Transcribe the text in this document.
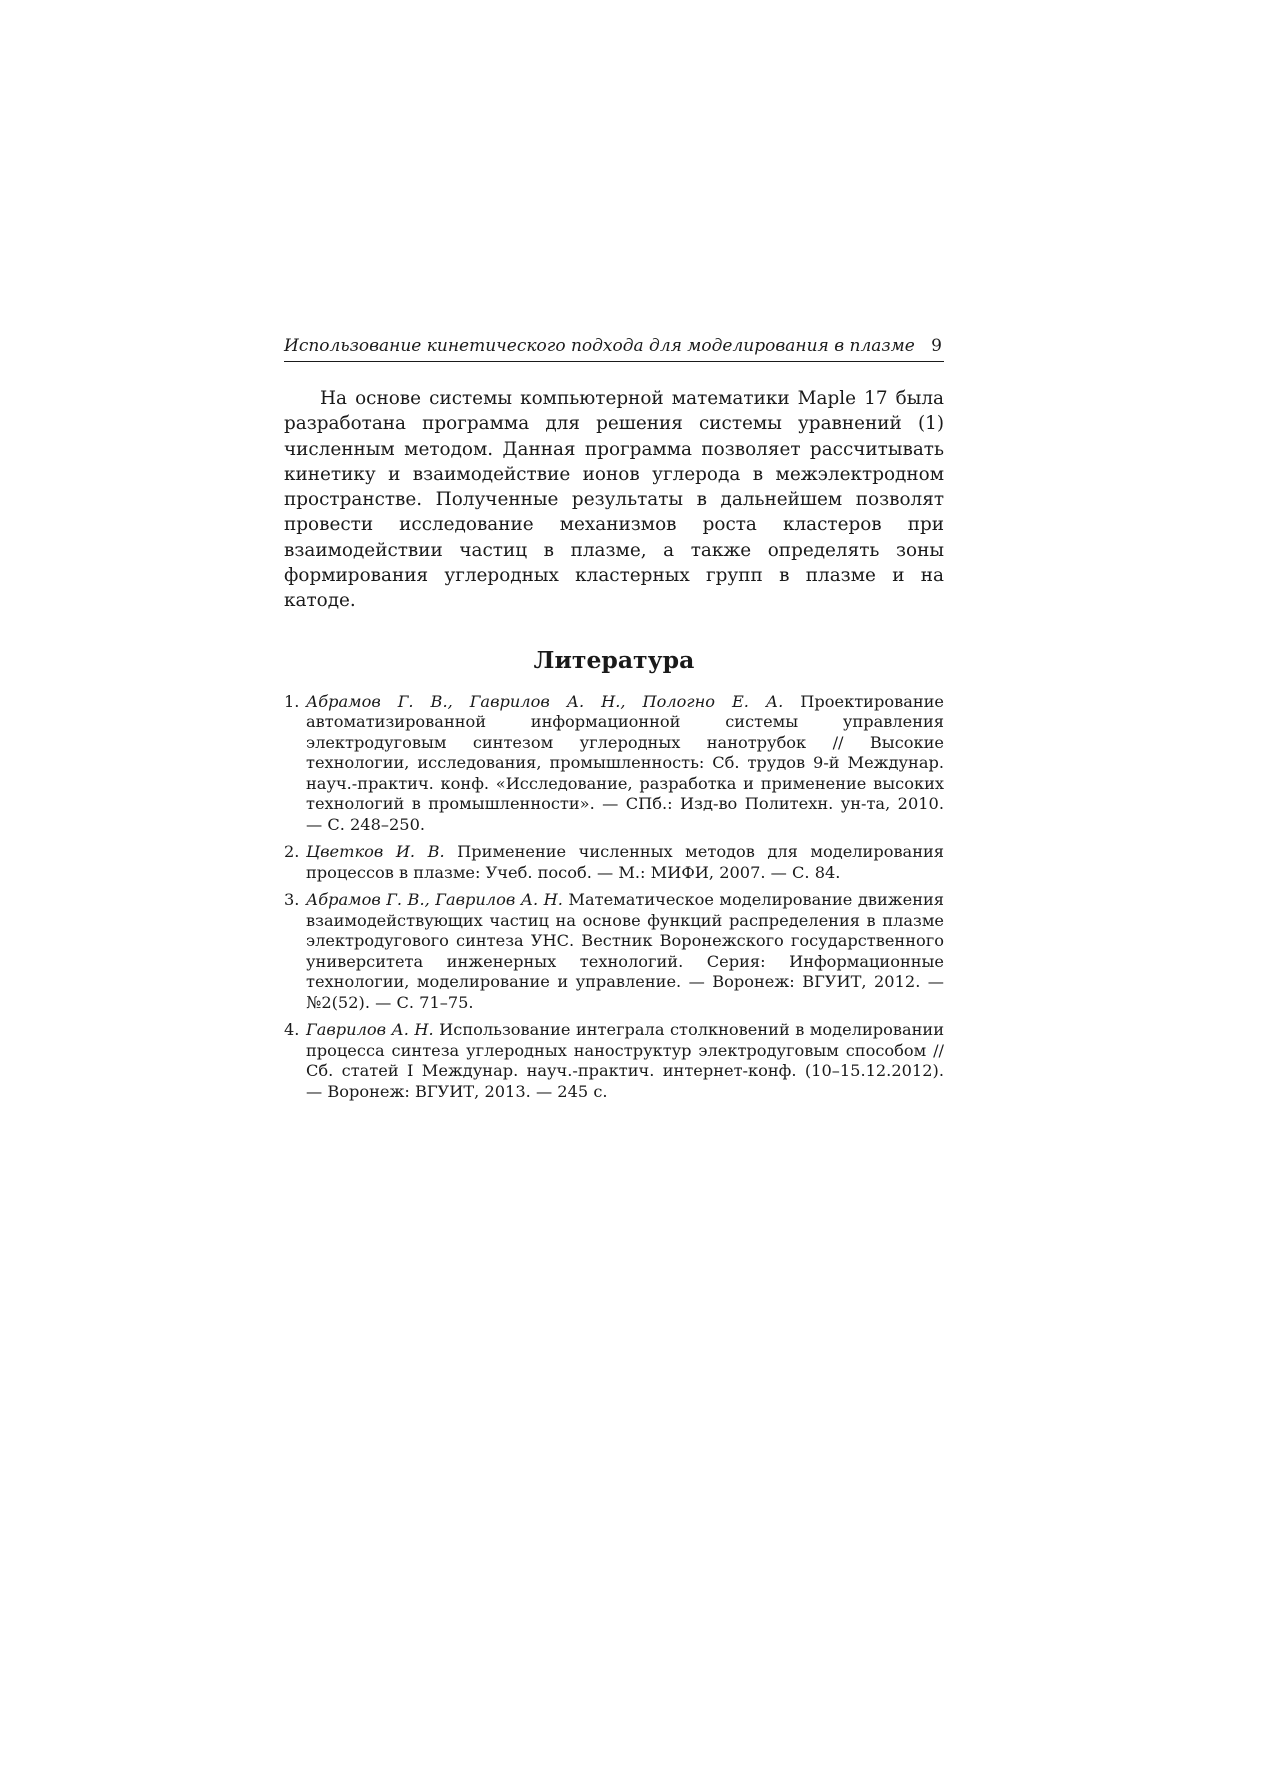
Использование кинетического подхода для моделирования в плазме 9

На основе системы компьютерной математики Maple 17 была разработана программа для решения системы уравнений (1) численным методом. Данная программа позволяет рассчитывать кинетику и взаимодействие ионов углерода в межэлектродном пространстве. Полученные результаты в дальнейшем позволят провести исследование механизмов роста кластеров при взаимодействии частиц в плазме, а также определять зоны формирования углеродных кластерных групп в плазме и на катоде.

Литература
1. Абрамов Г. В., Гаврилов А. Н., Пологно Е. А. Проектирование автоматизированной информационной системы управления электродуговым синтезом углеродных нанотрубок // Высокие технологии, исследования, промышленность: Сб. трудов 9-й Междунар. науч.-практич. конф. «Исследование, разработка и применение высоких технологий в промышленности». — СПб.: Изд-во Политехн. ун-та, 2010. — С. 248–250.
2. Цветков И. В. Применение численных методов для моделирования процессов в плазме: Учеб. пособ. — М.: МИФИ, 2007. — С. 84.
3. Абрамов Г. В., Гаврилов А. Н. Математическое моделирование движения взаимодействующих частиц на основе функций распределения в плазме электродугового синтеза УНС. Вестник Воронежского государственного университета инженерных технологий. Серия: Информационные технологии, моделирование и управление. — Воронеж: ВГУИТ, 2012. — №2(52). — С. 71–75.
4. Гаврилов А. Н. Использование интеграла столкновений в моделировании процесса синтеза углеродных наноструктур электродуговым способом // Сб. статей I Междунар. науч.-практич. интернет-конф. (10–15.12.2012). — Воронеж: ВГУИТ, 2013. — 245 с.
